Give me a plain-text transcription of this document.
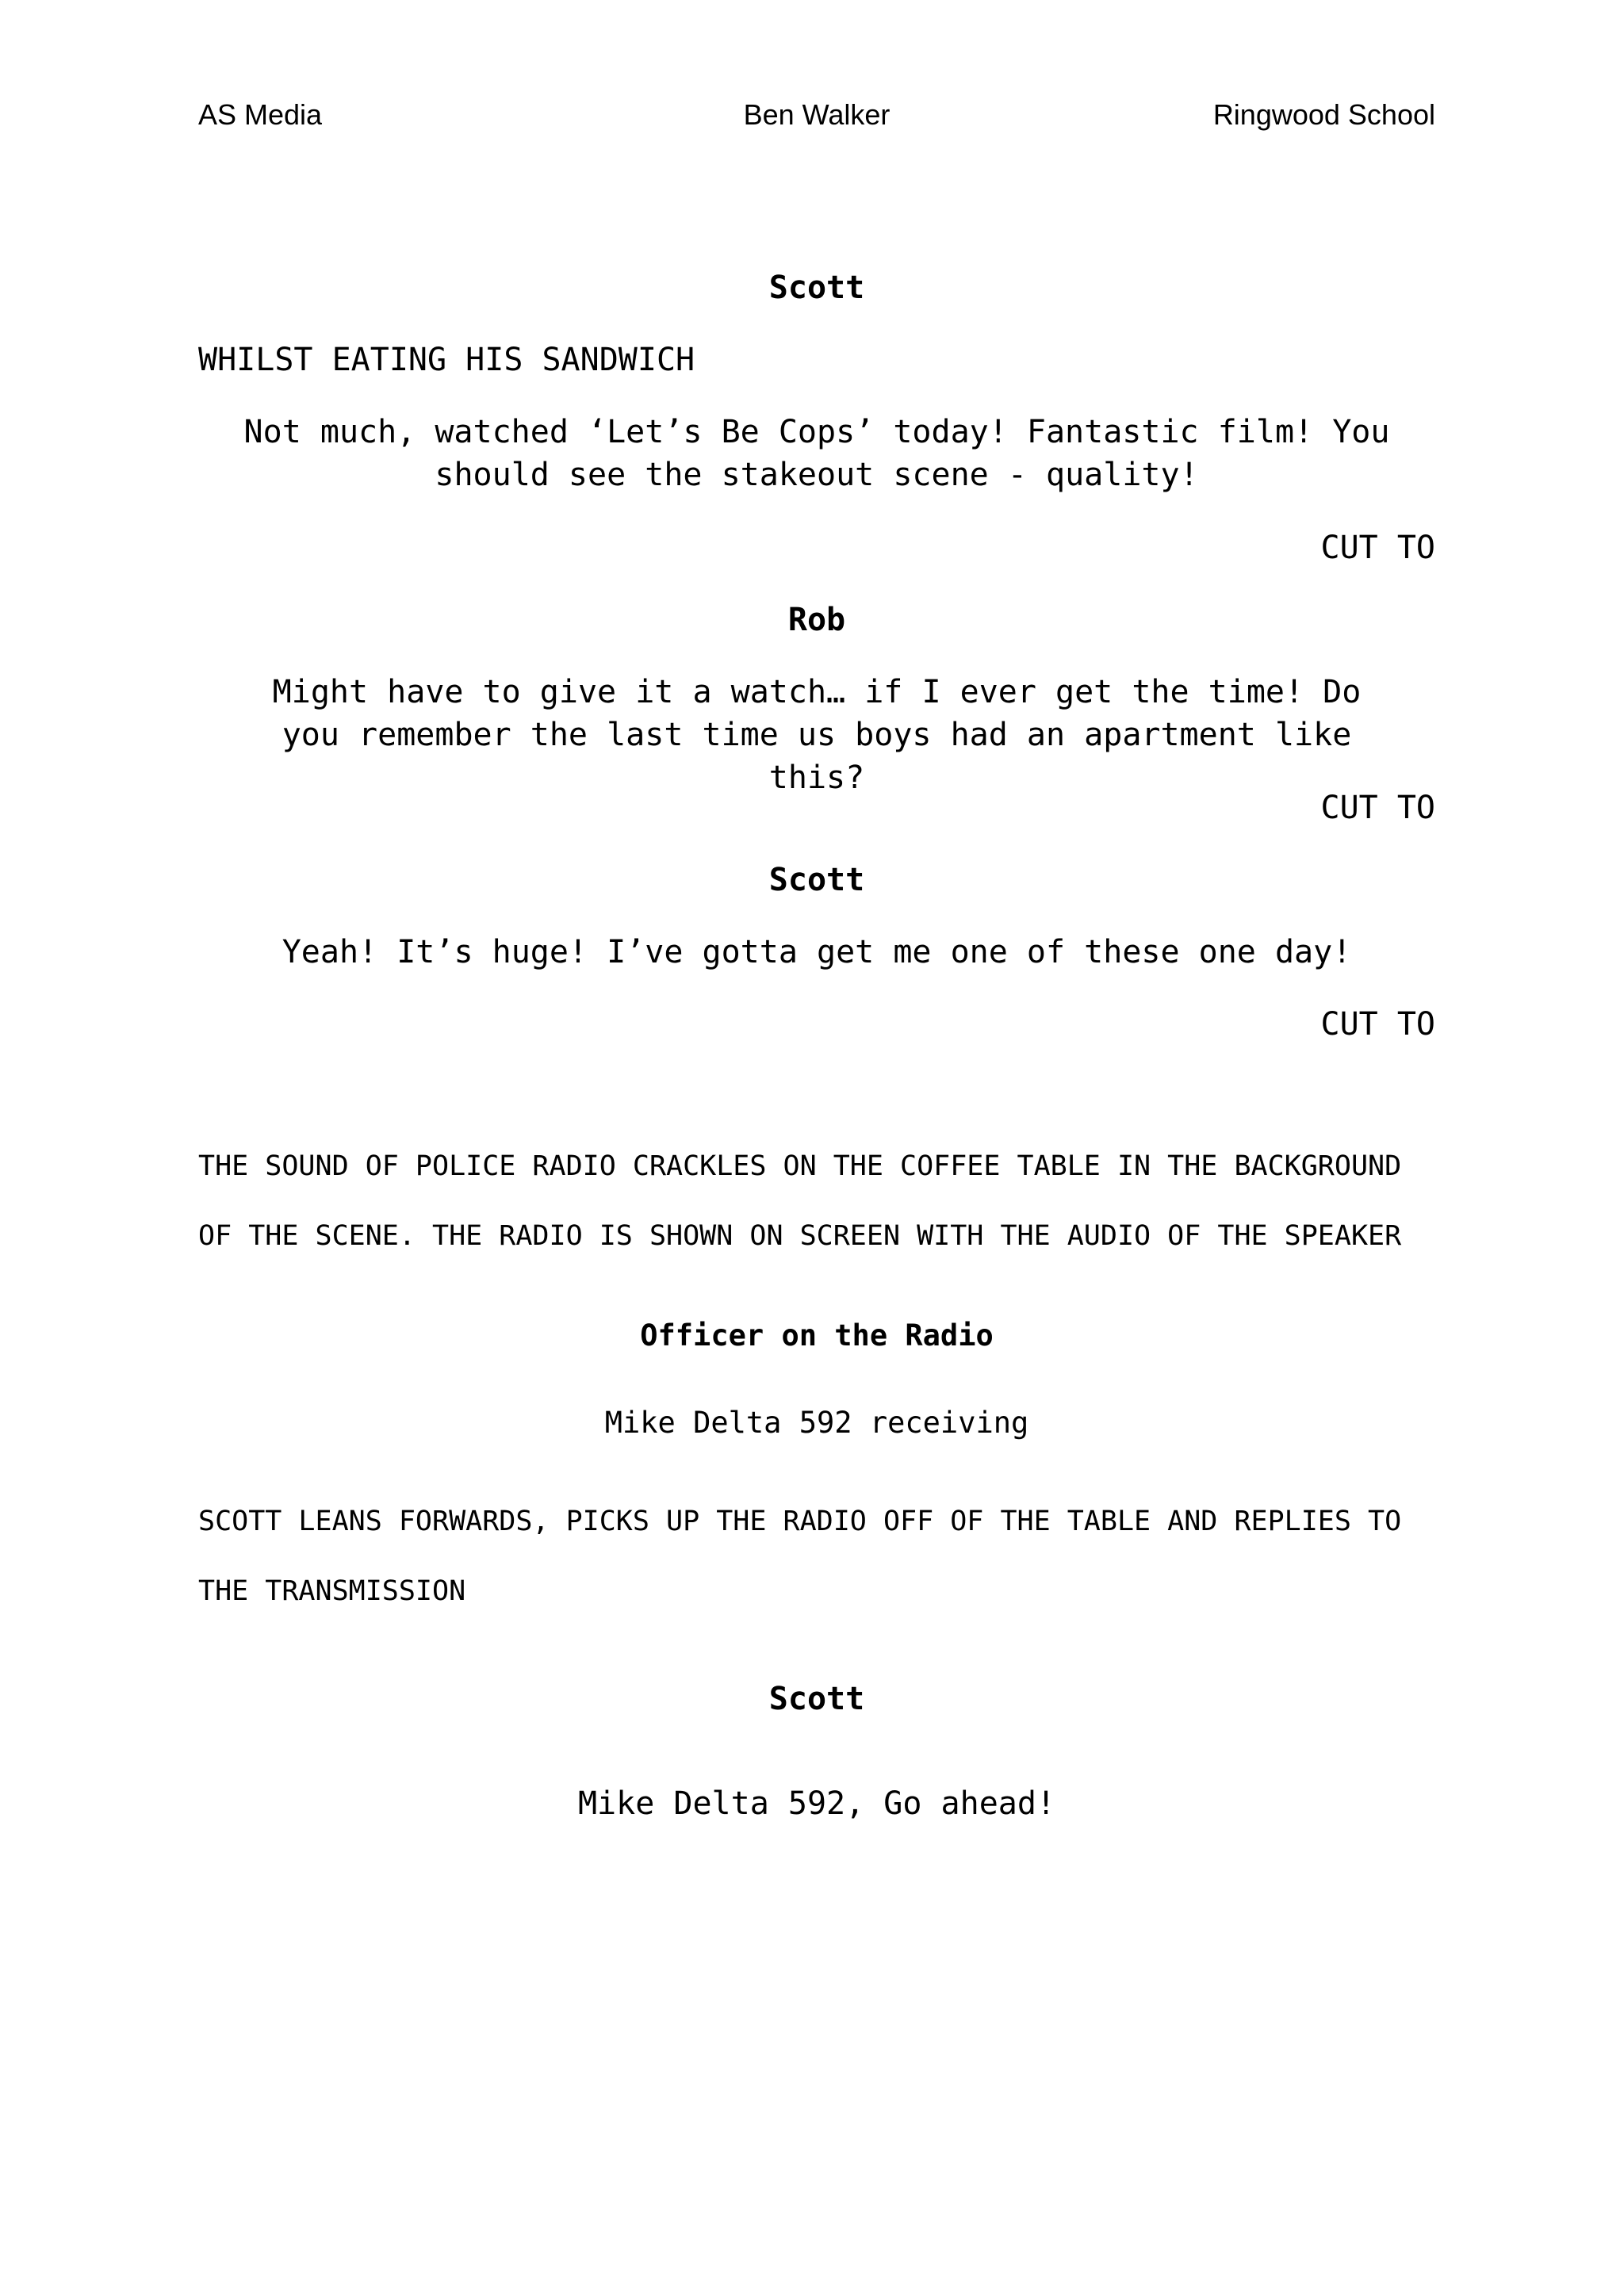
AS Media	Ben Walker	Ringwood School
Scott
WHILST EATING HIS SANDWICH
Not much, watched ‘Let’s Be Cops’ today! Fantastic film! You should see the stakeout scene - quality!
CUT TO
Rob
Might have to give it a watch… if I ever get the time! Do you remember the last time us boys had an apartment like this?
CUT TO
Scott
Yeah! It’s huge! I’ve gotta get me one of these one day!
CUT TO
THE SOUND OF POLICE RADIO CRACKLES ON THE COFFEE TABLE IN THE BACKGROUND OF THE SCENE. THE RADIO IS SHOWN ON SCREEN WITH THE AUDIO OF THE SPEAKER
Officer on the Radio
Mike Delta 592 receiving
SCOTT LEANS FORWARDS, PICKS UP THE RADIO OFF OF THE TABLE AND REPLIES TO THE TRANSMISSION
Scott
Mike Delta 592, Go ahead!
